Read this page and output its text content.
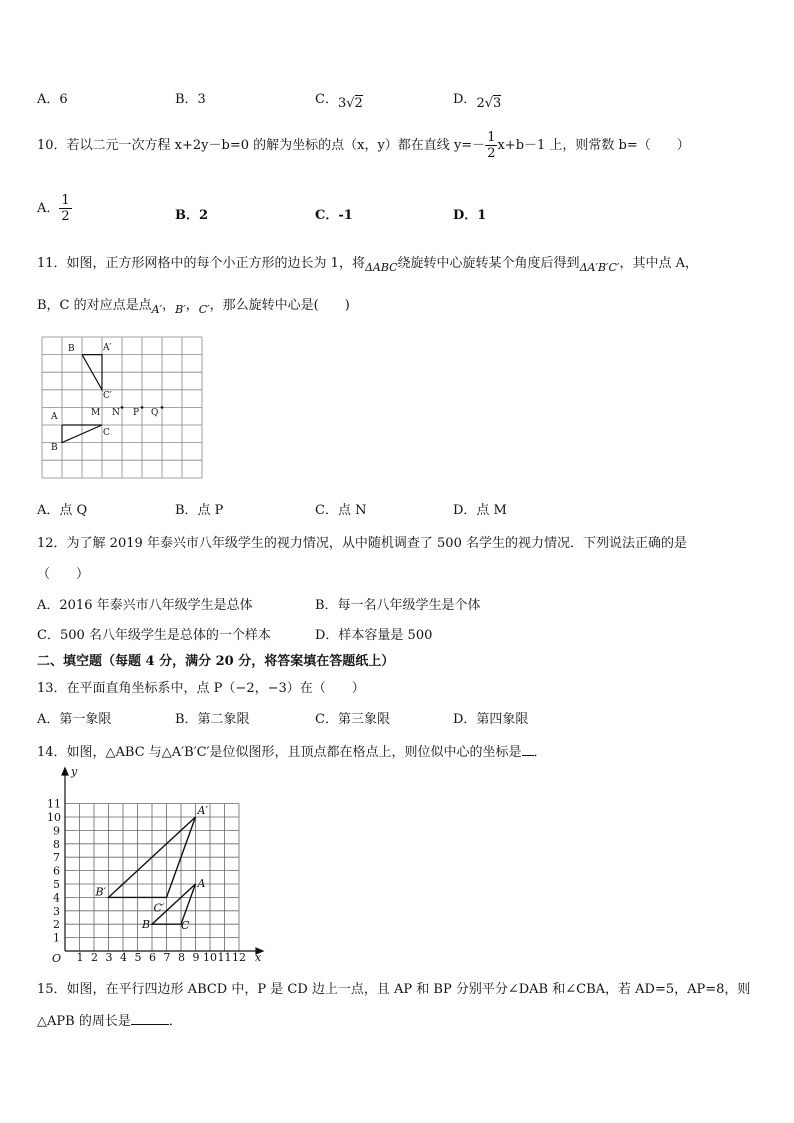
A．6	B．3	C．3√2	D．2√3
10．若以二元一次方程 x+2y－b=0 的解为坐标的点（x，y）都在直线 $y=- \frac{1}{2} x+b-1$ 上，则常数 b=（　　）
A． $\frac{1}{2}$	B．2	C．-1	D．1
11．如图，正方形网格中的每个小正方形的边长为 1，将$_{\Delta ABC}$绕旋转中心旋转某个角度后得到$_{\Delta A'B'C'}$，其中点 A，
B，C 的对应点是点$_{A'}$，$_{B'}$，$_{C'}$，那么旋转中心是(　　)
B	A′
C′
A	M N P Q
C
B
A．点 Q	B．点 P	C．点 N	D．点 M
12．为了解 2019 年泰兴市八年级学生的视力情况，从中随机调查了 500 名学生的视力情况．下列说法正确的是
（　　）
A．2016 年泰兴市八年级学生是总体	B．每一名八年级学生是个体
C．500 名八年级学生是总体的一个样本	D．样本容量是 500
二、填空题（每题 4 分，满分 20 分，将答案填在答题纸上）
13．在平面直角坐标系中，点 P（−2，−3）在（　　）
A．第一象限	B．第二象限	C．第三象限	D．第四象限
14．如图，△ABC 与△A′B′C′是位似图形，且顶点都在格点上，则位似中心的坐标是 ．
y
x
O
A′
B′
C′
A
B	C
1 2 3 4 5 6 7 8 9 10 11 12
1
2
3
4
5
6
7
8
9
10
11
15．如图，在平行四边形 ABCD 中，P 是 CD 边上一点，且 AP 和 BP 分别平分∠DAB 和∠CBA，若 AD=5，AP=8，则
△APB 的周长是	．
